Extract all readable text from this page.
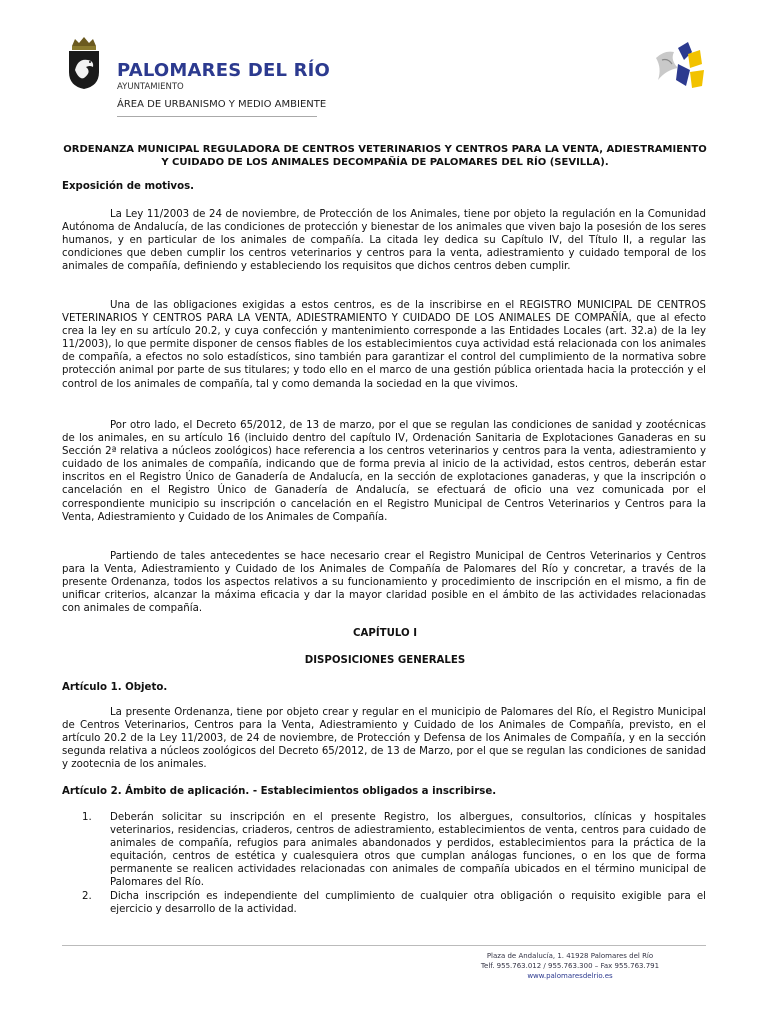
PALOMARES DEL RÍO
AYUNTAMIENTO
ÁREA DE URBANISMO Y MEDIO AMBIENTE
ORDENANZA MUNICIPAL REGULADORA DE CENTROS VETERINARIOS Y CENTROS PARA LA VENTA, ADIESTRAMIENTO Y CUIDADO DE LOS ANIMALES DECOMPAÑÍA DE PALOMARES DEL RÍO (SEVILLA).
Exposición de motivos.

La Ley 11/2003 de 24 de noviembre, de Protección de los Animales, tiene por objeto la regulación en la Comunidad Autónoma de Andalucía, de las condiciones de protección y bienestar de los animales que viven bajo la posesión de los seres humanos, y en particular de los animales de compañía. La citada ley dedica su Capítulo IV, del Título II, a regular las condiciones que deben cumplir los centros veterinarios y centros para la venta, adiestramiento y cuidado temporal de los animales de compañía, definiendo y estableciendo los requisitos que dichos centros deben cumplir.

Una de las obligaciones exigidas a estos centros, es de la inscribirse en el REGISTRO MUNICIPAL DE CENTROS VETERINARIOS Y CENTROS PARA LA VENTA, ADIESTRAMIENTO Y CUIDADO DE LOS ANIMALES DE COMPAÑÍA, que al efecto crea la ley en su artículo 20.2, y cuya confección y mantenimiento corresponde a las Entidades Locales (art. 32.a) de la ley 11/2003), lo que permite disponer de censos fiables de los establecimientos cuya actividad está relacionada con los animales de compañía, a efectos no solo estadísticos, sino también para garantizar el control del cumplimiento de la normativa sobre protección animal por parte de sus titulares; y todo ello en el marco de una gestión pública orientada hacia la protección y el control de los animales de compañía, tal y como demanda la sociedad en la que vivimos.

Por otro lado, el Decreto 65/2012, de 13 de marzo, por el que se regulan las condiciones de sanidad y zootécnicas de los animales, en su artículo 16 (incluido dentro del capítulo IV, Ordenación Sanitaria de Explotaciones Ganaderas en su Sección 2ª relativa a núcleos zoológicos) hace referencia a los centros veterinarios y centros para la venta, adiestramiento y cuidado de los animales de compañía, indicando que de forma previa al inicio de la actividad, estos centros, deberán estar inscritos en el Registro Único de Ganadería de Andalucía, en la sección de explotaciones ganaderas, y que la inscripción o cancelación en el Registro Único de Ganadería de Andalucía, se efectuará de oficio una vez comunicada por el correspondiente municipio su inscripción o cancelación en el Registro Municipal de Centros Veterinarios y Centros para la Venta, Adiestramiento y Cuidado de los Animales de Compañía.

Partiendo de tales antecedentes se hace necesario crear el Registro Municipal de Centros Veterinarios y Centros para la Venta, Adiestramiento y Cuidado de los Animales de Compañía de Palomares del Río y concretar, a través de la presente Ordenanza, todos los aspectos relativos a su funcionamiento y procedimiento de inscripción en el mismo, a fin de unificar criterios, alcanzar la máxima eficacia y dar la mayor claridad posible en el ámbito de las actividades relacionadas con animales de compañía.

CAPÍTULO I
DISPOSICIONES GENERALES
Artículo 1. Objeto.

La presente Ordenanza, tiene por objeto crear y regular en el municipio de Palomares del Río, el Registro Municipal de Centros Veterinarios, Centros para la Venta, Adiestramiento y Cuidado de los Animales de Compañía, previsto, en el artículo 20.2 de la Ley 11/2003, de 24 de noviembre, de Protección y Defensa de los Animales de Compañía, y en la sección segunda relativa a núcleos zoológicos del Decreto 65/2012, de 13 de Marzo, por el que se regulan las condiciones de sanidad y zootecnia de los animales.

Artículo 2. Ámbito de aplicación. - Establecimientos obligados a inscribirse.
1.	Deberán solicitar su inscripción en el presente Registro, los albergues, consultorios, clínicas y hospitales veterinarios, residencias, criaderos, centros de adiestramiento, establecimientos de venta, centros para cuidado de animales de compañía, refugios para animales abandonados y perdidos, establecimientos para la práctica de la equitación, centros de estética y cualesquiera otros que cumplan análogas funciones, o en los que de forma permanente se realicen actividades relacionadas con animales de compañía ubicados en el término municipal de Palomares del Río.
2.	Dicha inscripción es independiente del cumplimiento de cualquier otra obligación o requisito exigible para el ejercicio y desarrollo de la actividad.
Plaza de Andalucía, 1. 41928 Palomares del Río
Telf. 955.763.012 / 955.763.300 – Fax 955.763.791
www.palomaresdelrio.es
